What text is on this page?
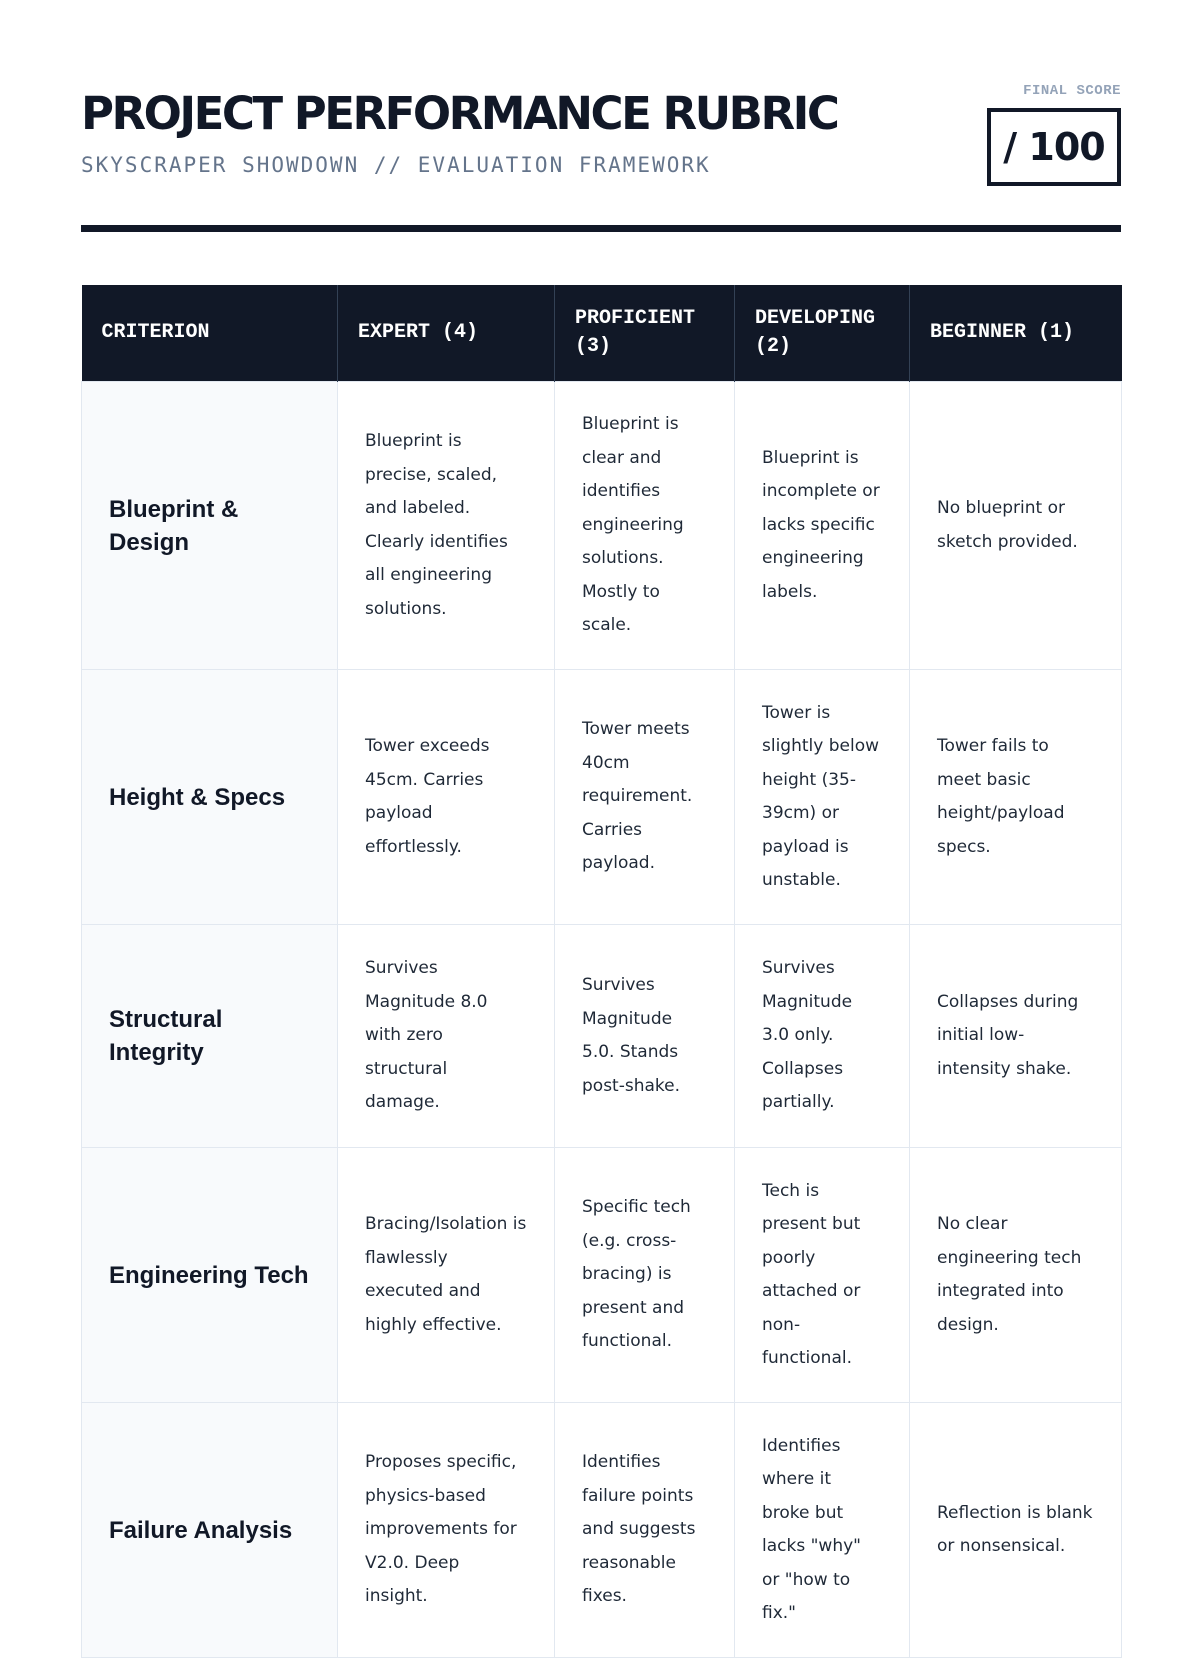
PROJECT PERFORMANCE RUBRIC
SKYSCRAPER SHOWDOWN // EVALUATION FRAMEWORK
FINAL SCORE
/ 100
CRITERION	EXPERT (4)	PROFICIENT (3)	DEVELOPING (2)	BEGINNER (1)
Blueprint & Design	Blueprint is precise, scaled, and labeled. Clearly identifies all engineering solutions.	Blueprint is clear and identifies engineering solutions. Mostly to scale.	Blueprint is incomplete or lacks specific engineering labels.	No blueprint or sketch provided.
Height & Specs	Tower exceeds 45cm. Carries payload effortlessly.	Tower meets 40cm requirement. Carries payload.	Tower is slightly below height (35-39cm) or payload is unstable.	Tower fails to meet basic height/payload specs.
Structural Integrity	Survives Magnitude 8.0 with zero structural damage.	Survives Magnitude 5.0. Stands post-shake.	Survives Magnitude 3.0 only. Collapses partially.	Collapses during initial low-intensity shake.
Engineering Tech	Bracing/Isolation is flawlessly executed and highly effective.	Specific tech (e.g. cross-bracing) is present and functional.	Tech is present but poorly attached or non-functional.	No clear engineering tech integrated into design.
Failure Analysis	Proposes specific, physics-based improvements for V2.0. Deep insight.	Identifies failure points and suggests reasonable fixes.	Identifies where it broke but lacks "why" or "how to fix."	Reflection is blank or nonsensical.
